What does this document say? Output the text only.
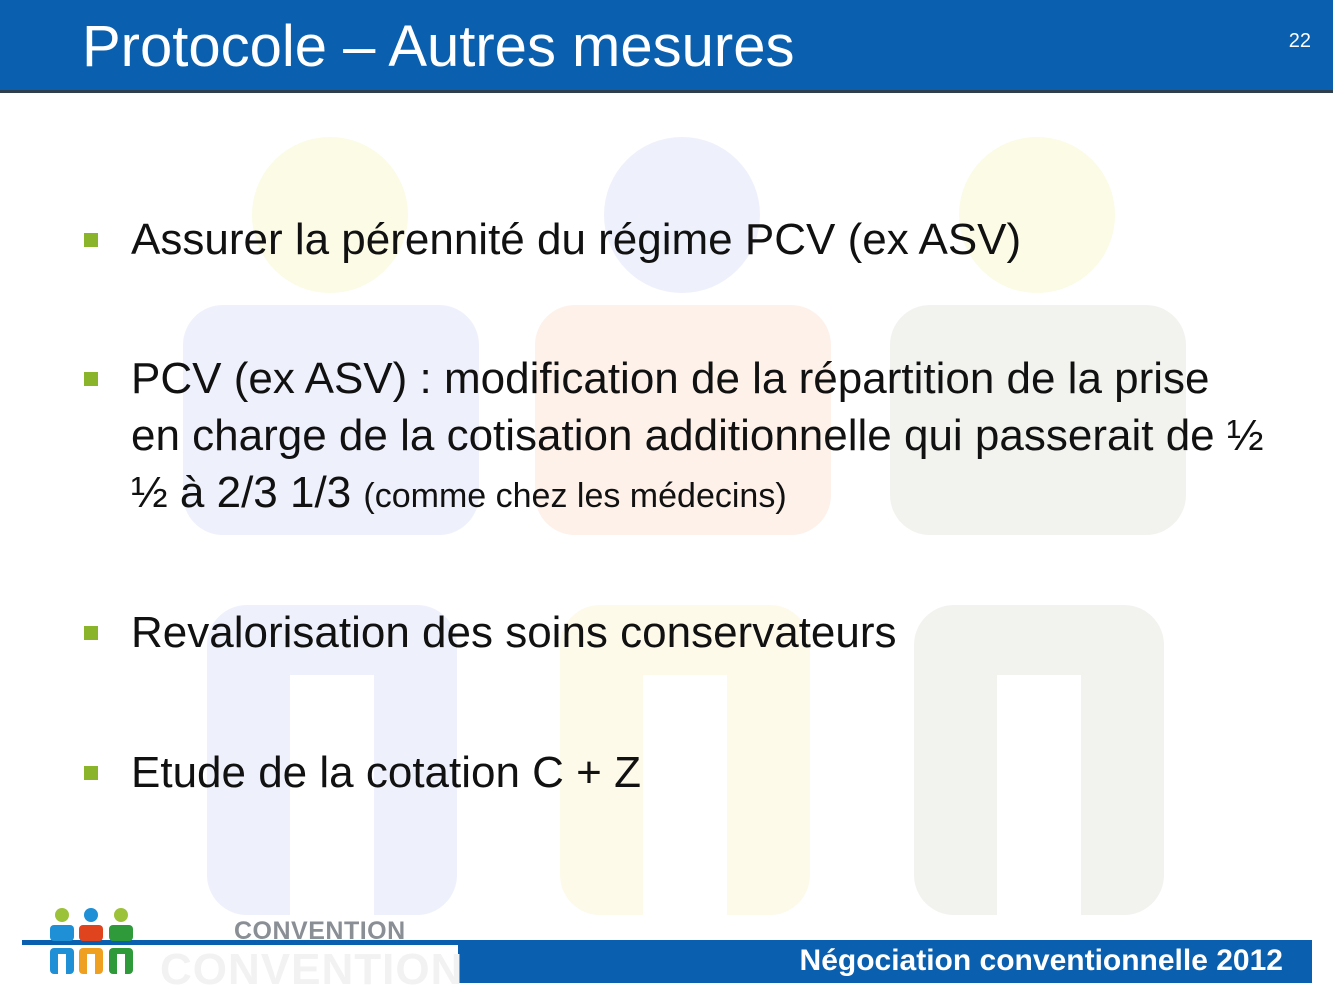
Protocole – Autres mesures	22
Assurer la pérennité du régime PCV (ex ASV)
PCV (ex ASV) : modification de la répartition de la prise en charge de la cotisation additionnelle qui passerait de ½ ½ à 2/3 1/3 (comme chez les médecins)
Revalorisation des soins conservateurs
Etude de la cotation C + Z
Négociation conventionnelle 2012
CONVENTION
CONVENTION
